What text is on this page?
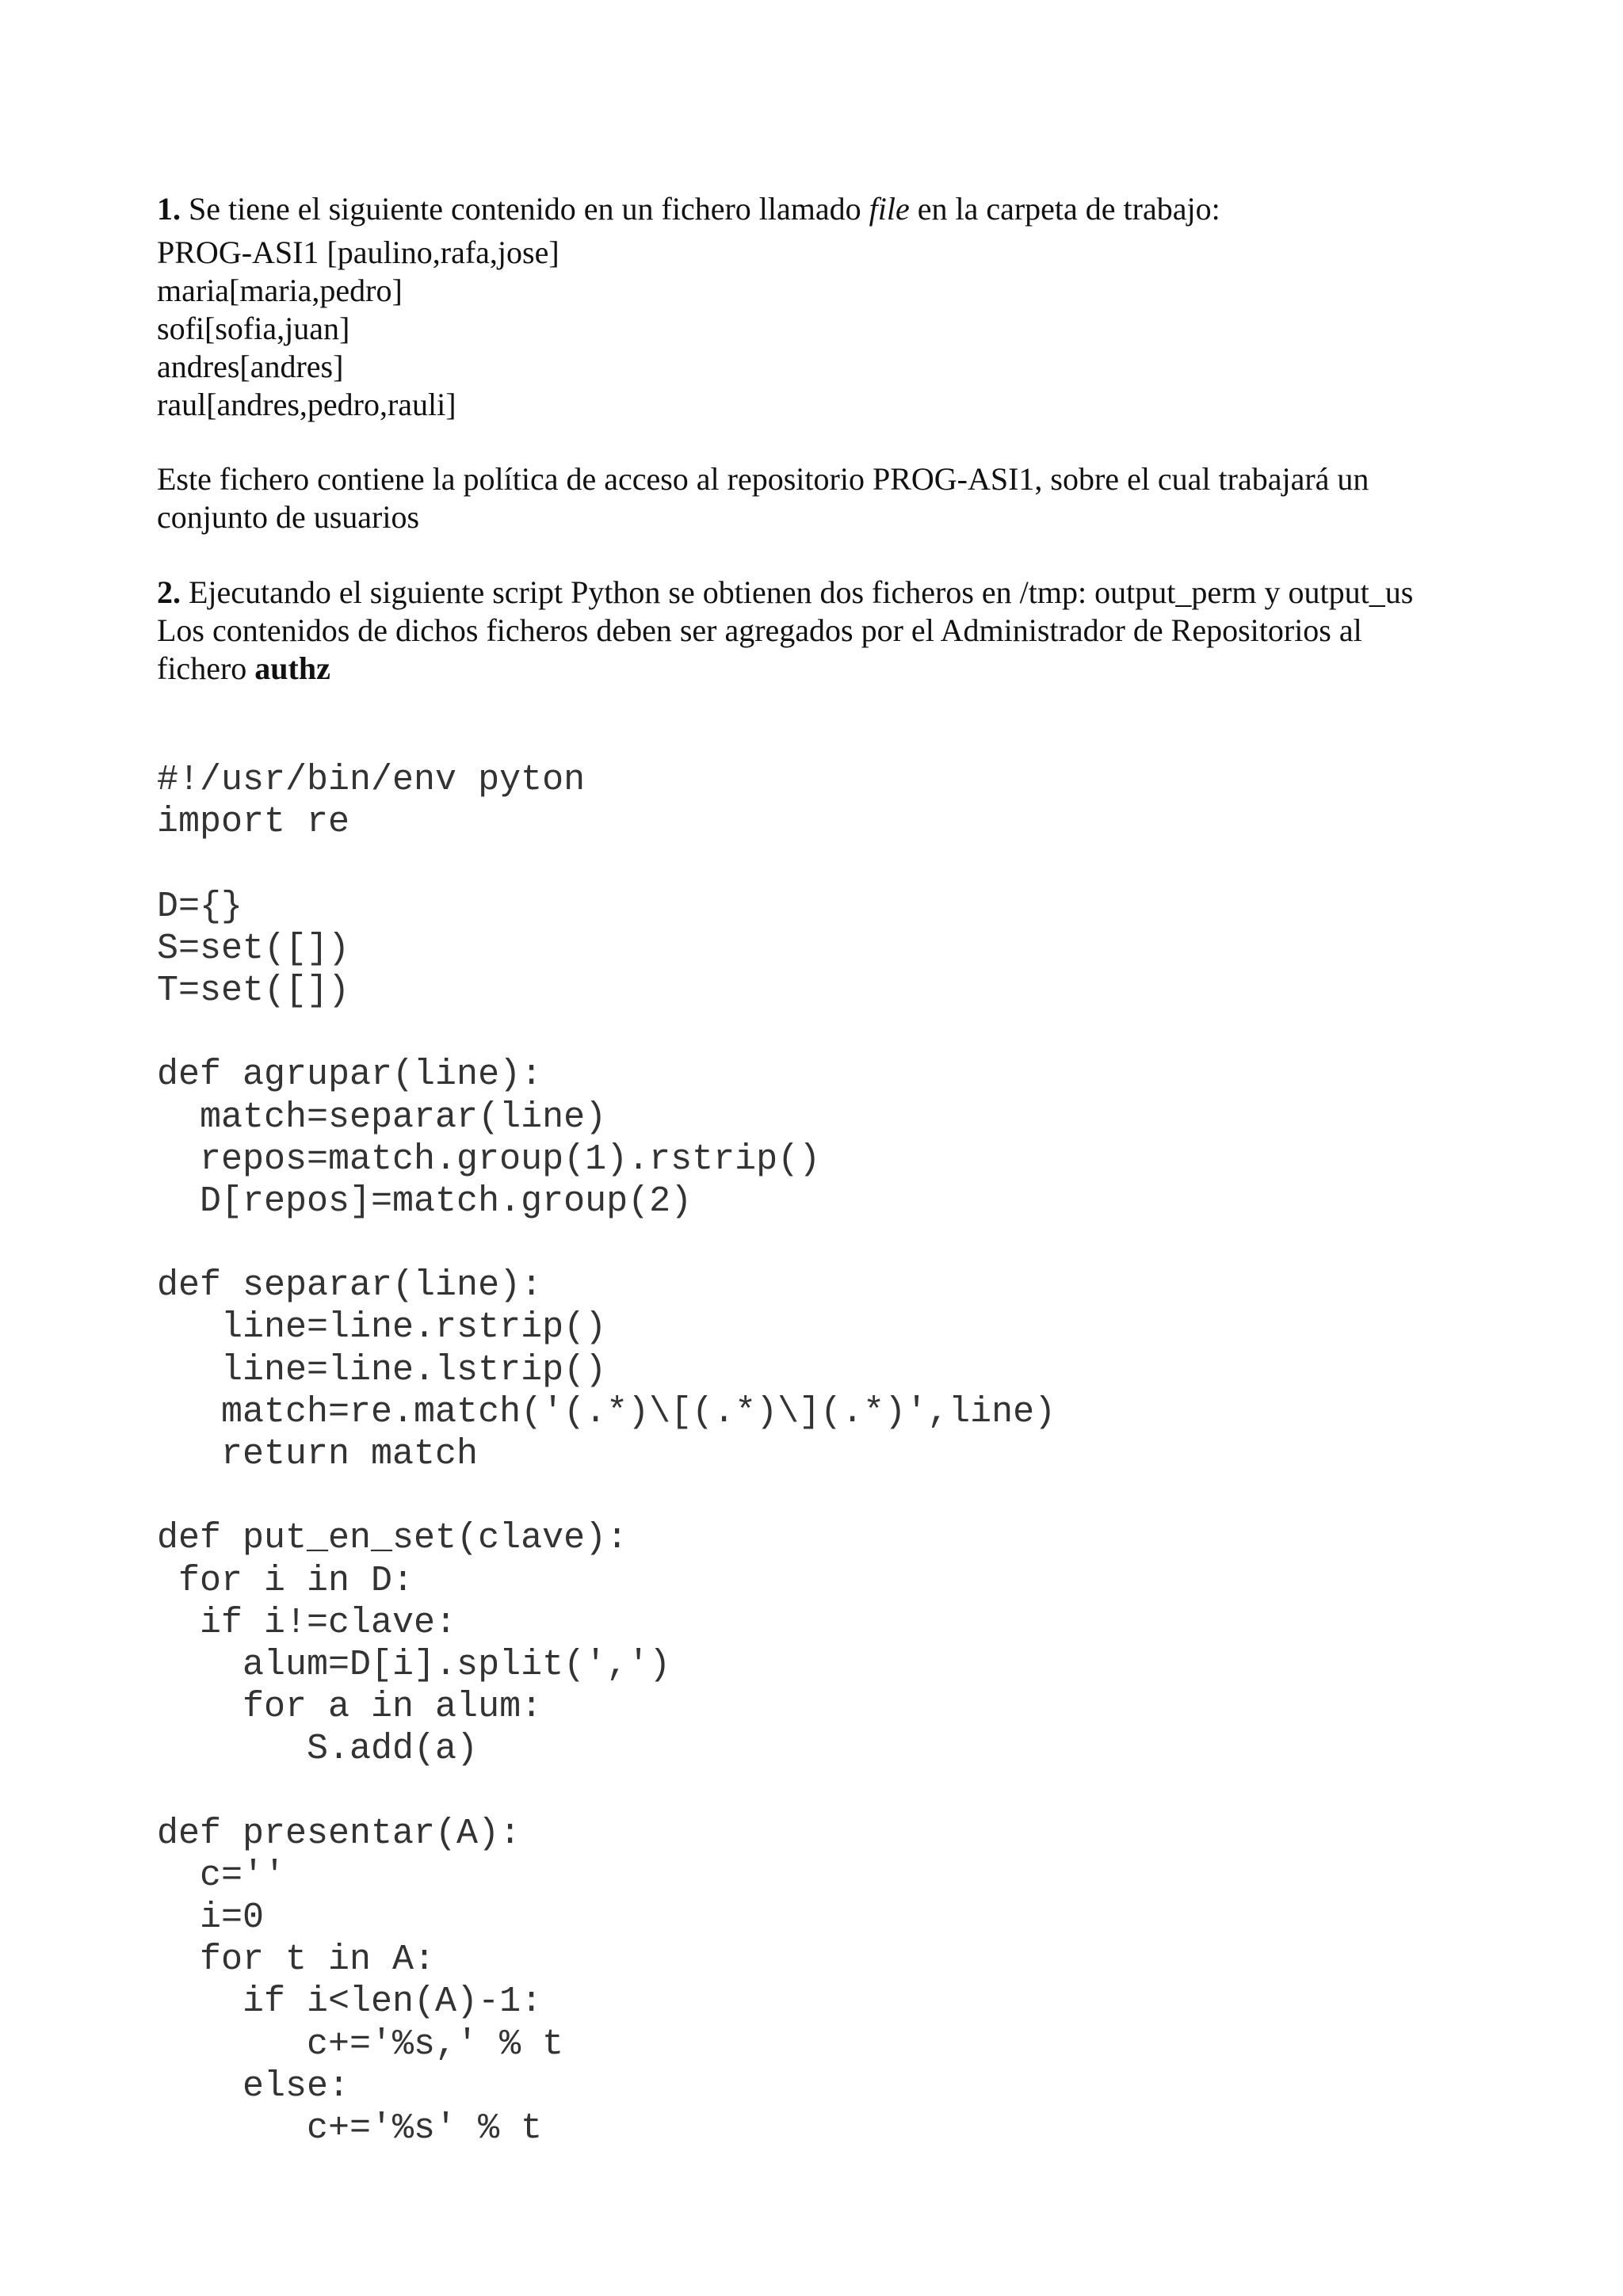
1. Se tiene el siguiente contenido en un fichero llamado file en la carpeta de trabajo:

PROG-ASI1 [paulino,rafa,jose]

maria[maria,pedro]

sofi[sofia,juan]

andres[andres]

raul[andres,pedro,rauli]

Este fichero contiene la política de acceso al repositorio PROG-ASI1, sobre el cual trabajará un
conjunto de usuarios
2. Ejecutando el siguiente script Python se obtienen dos ficheros en /tmp: output_perm y output_us
Los contenidos de dichos ficheros deben ser agregados por el Administrador de Repositorios al
fichero authz
#!/usr/bin/env pyton
import re
D={}
S=set([])
T=set([])
def agrupar(line):
match=separar(line)
repos=match.group(1).rstrip()
D[repos]=match.group(2)
def separar(line):
line=line.rstrip()
line=line.lstrip()
match=re.match('(.*)\[(.*)\](.*)',line)
return match
def put_en_set(clave):
for i in D:
if i!=clave:
alum=D[i].split(',')
for a in alum:
S.add(a)
def presentar(A):
c=''
i=0
for t in A:
if i<len(A)-1:
c+='%s,' % t
else:
c+='%s' % t
